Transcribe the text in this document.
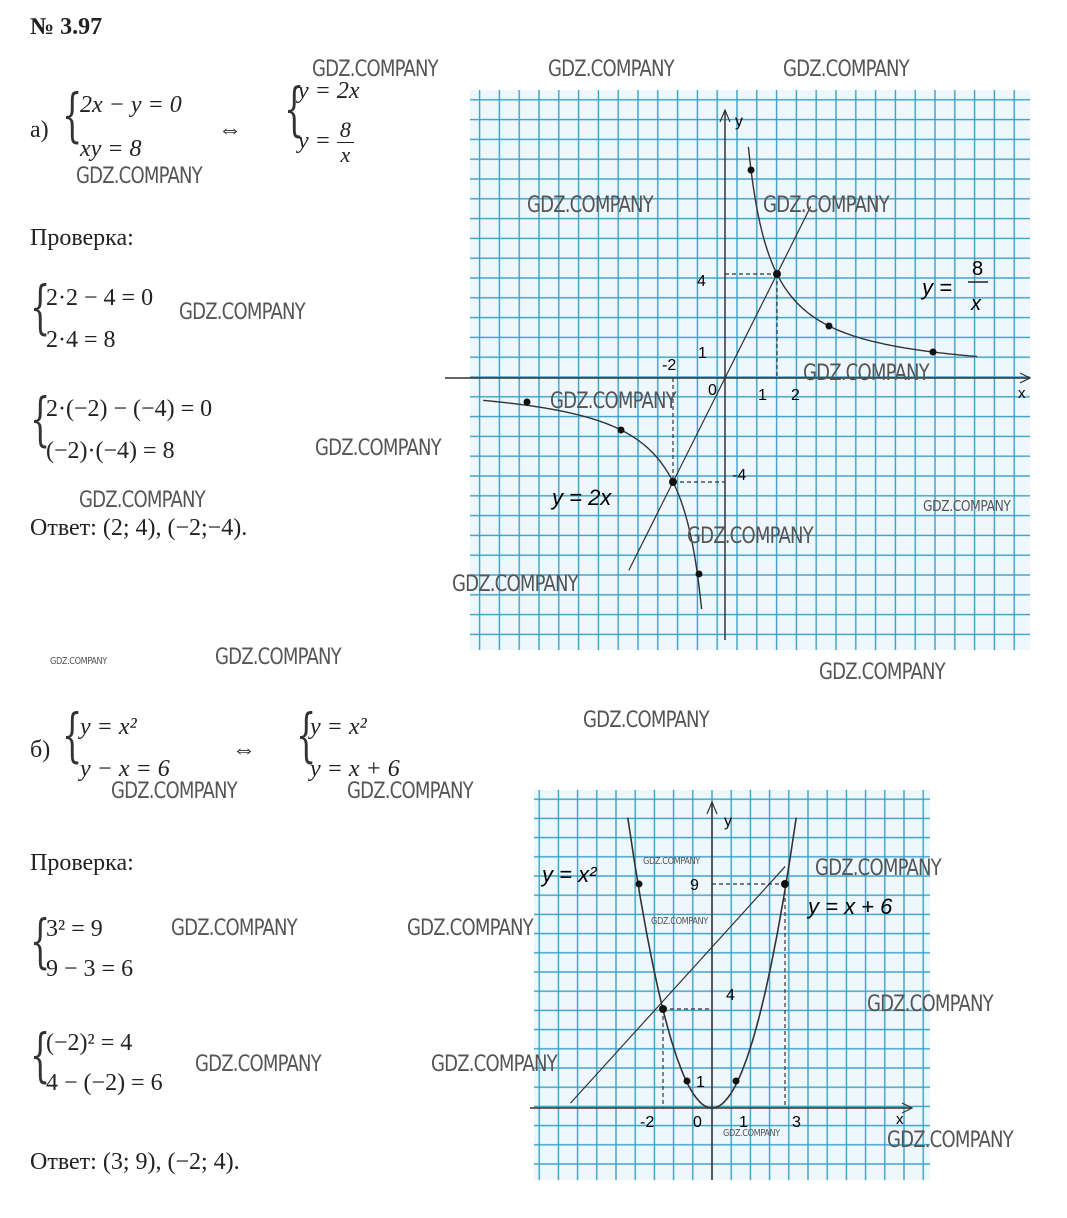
№ 3.97
а) {
2x − y = 0
xy = 8
⇔ {
y = 2x
$y = \frac{8}{x}$
Проверка:
{
2·2 − 4 = 0
2·4 = 8
{
2·(−2) − (−4) = 0
(−2)·(−4) = 8
Ответ: (2; 4), (−2;−4).
x
y
-2
0	1 2
1
4
-4
y =
8
x
y = 2x
б) {
y = x²
y − x = 6
⇔ {
y = x²
y = x + 6
Проверка:
{
3² = 9
9 − 3 = 6
{
(−2)² = 4
4 − (−2) = 6
Ответ: (3; 9), (−2; 4).
x
y
-2 0 1	3
1
4
9
y = x²
y = x + 6
GDZ.COMPANY	GDZ.COMPANY	GDZ.COMPANY
GDZ.COMPANY
GDZ.COMPANY	GDZ.COMPANY
GDZ.COMPANY
GDZ.COMPANY
GDZ.COMPANY
GDZ.COMPANY
GDZ.COMPANY	GDZ.COMPANY
GDZ.COMPANY
GDZ.COMPANY
GDZ.COMPANY	GDZ.COMPANY
GDZ.COMPANY
GDZ.COMPANY
GDZ.COMPANY	GDZ.COMPANY
GDZ.COMPANY	GDZ.COMPANY
GDZ.COMPANY
GDZ.COMPANY	GDZ.COMPANY
GDZ.COMPANY
GDZ.COMPANY	GDZ.COMPANY
GDZ.COMPANY	GDZ.COMPANY
